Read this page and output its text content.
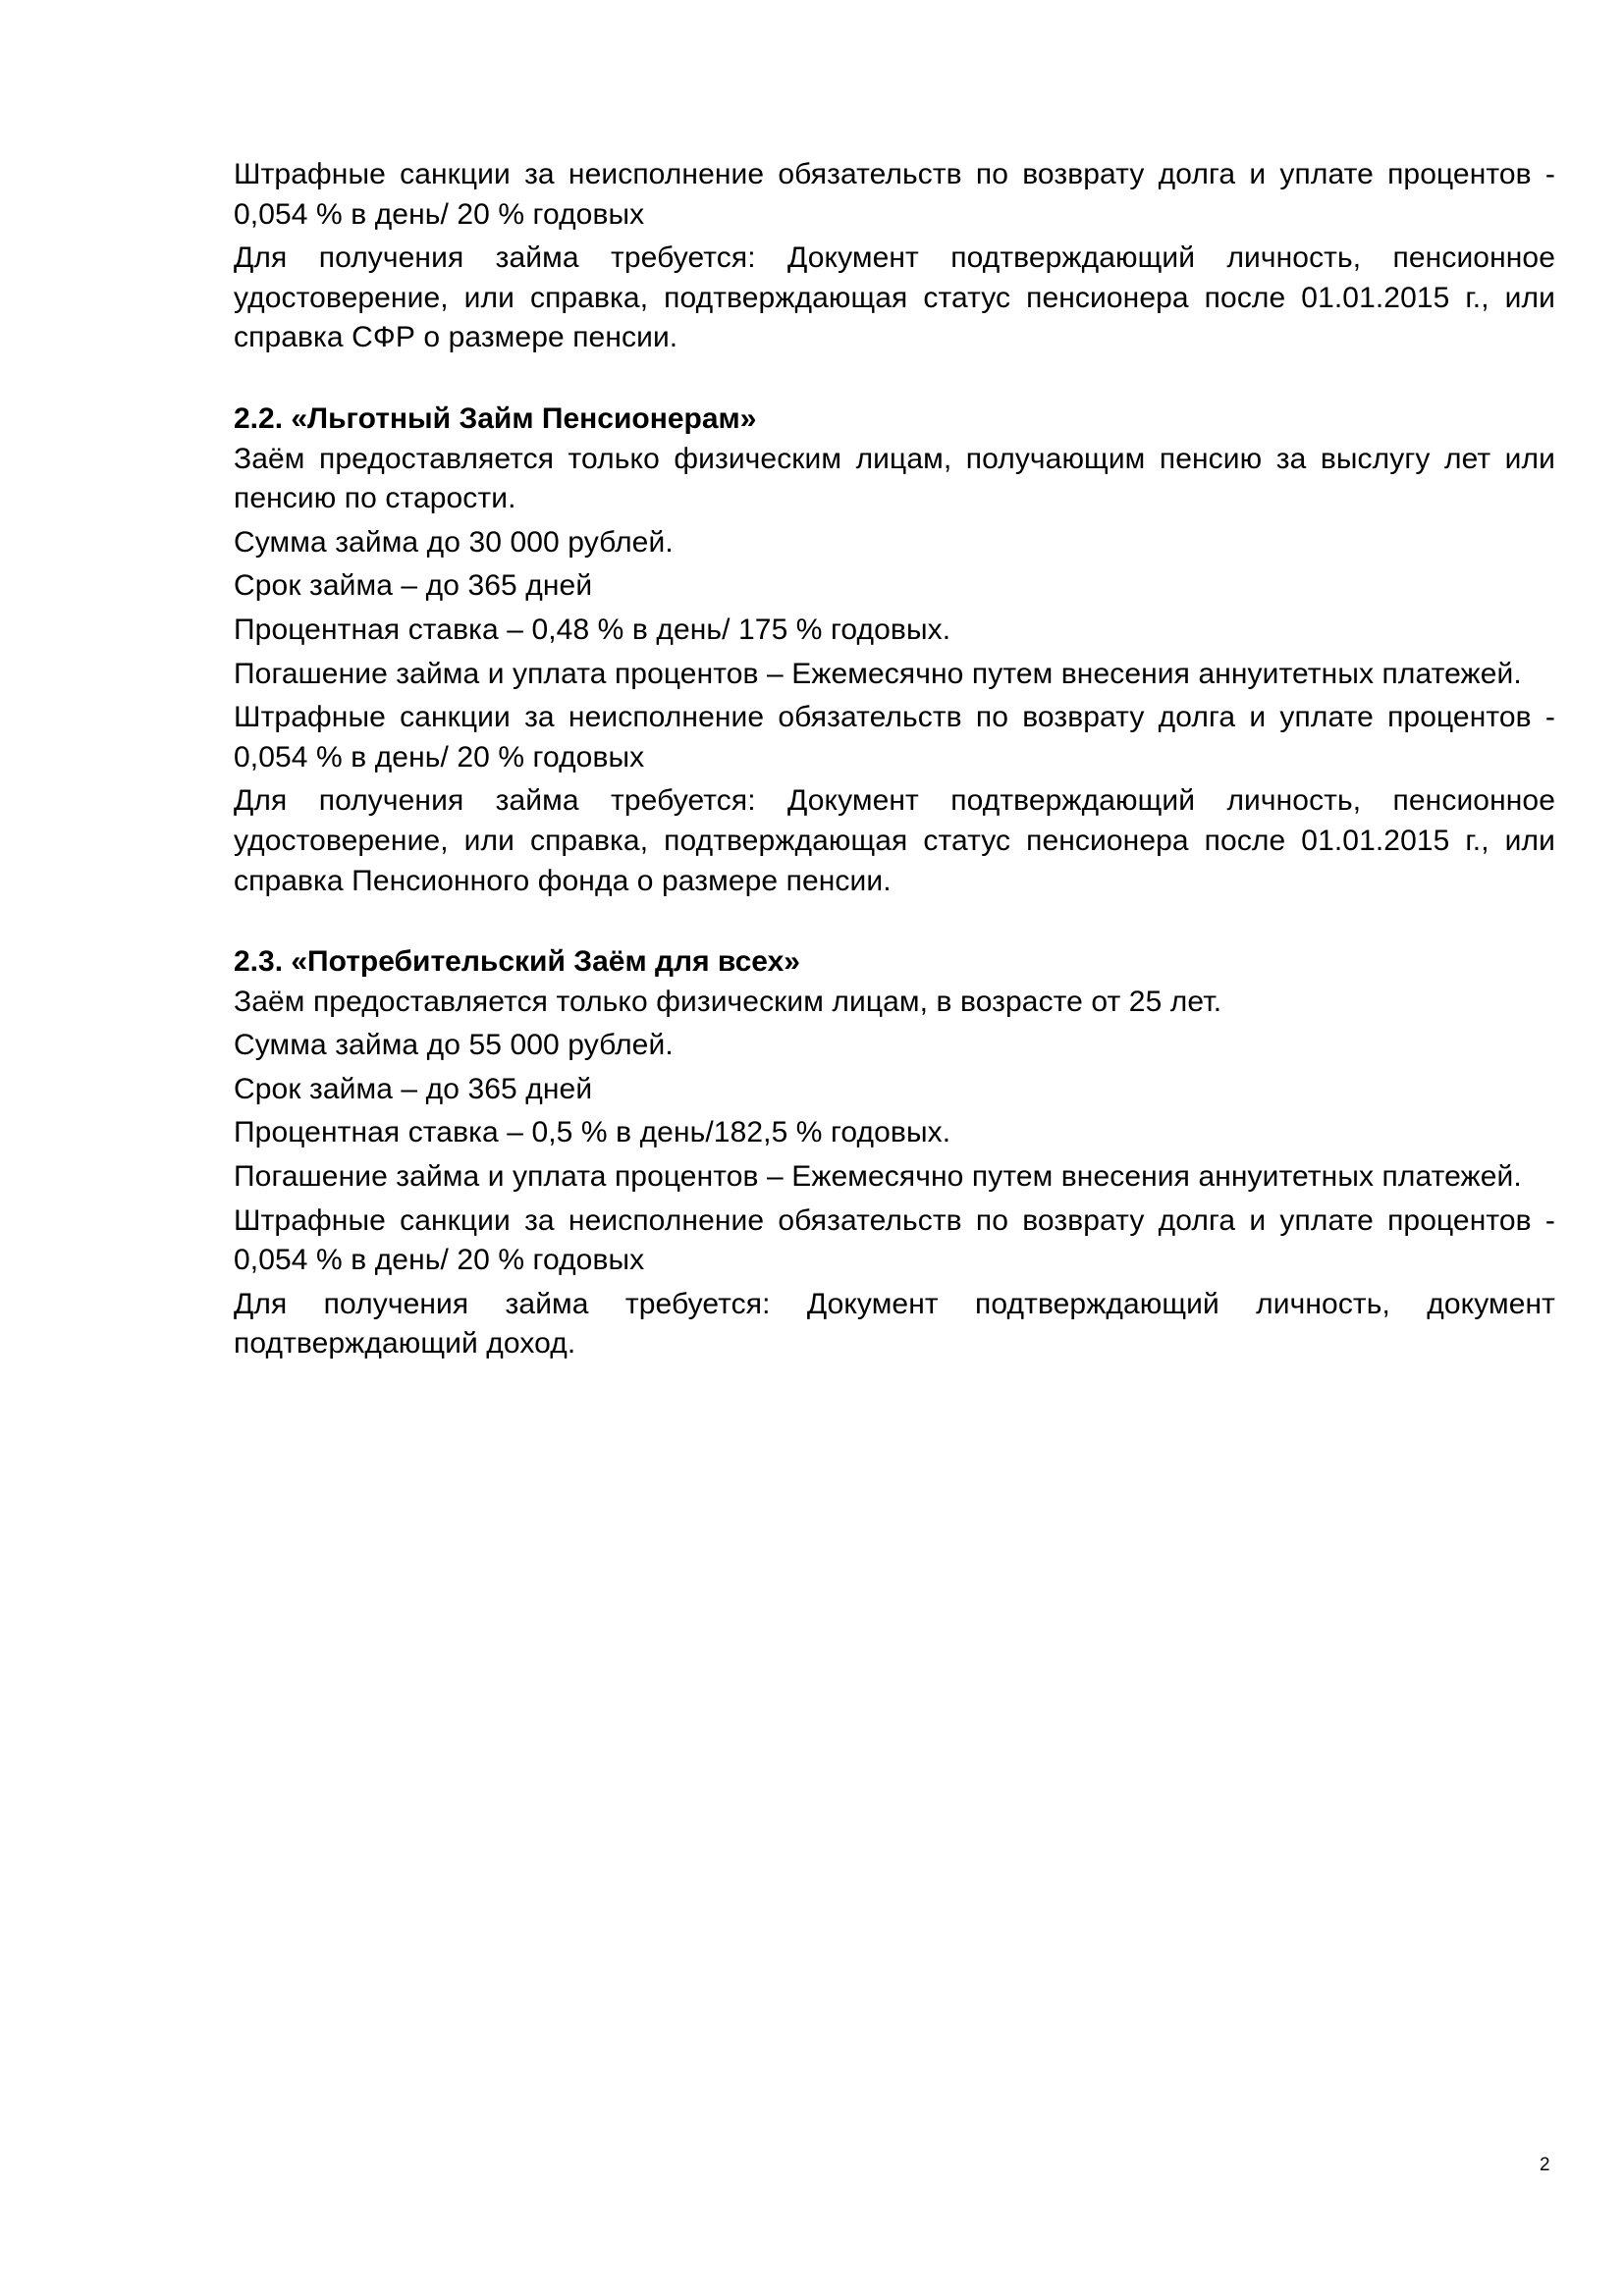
Штрафные санкции за неисполнение обязательств по возврату долга и уплате процентов - 0,054 % в день/ 20 % годовых

Для получения займа требуется: Документ подтверждающий личность, пенсионное удостоверение, или справка, подтверждающая статус пенсионера после 01.01.2015 г., или справка СФР о размере пенсии.

2.2. «Льготный Займ Пенсионерам»

Заём предоставляется только физическим лицам, получающим пенсию за выслугу лет или пенсию по старости.

Сумма займа до 30 000 рублей.

Срок займа – до 365 дней

Процентная ставка – 0,48 % в день/ 175 % годовых.

Погашение займа и уплата процентов – Ежемесячно путем внесения аннуитетных платежей.

Штрафные санкции за неисполнение обязательств по возврату долга и уплате процентов - 0,054 % в день/ 20 % годовых

Для получения займа требуется: Документ подтверждающий личность, пенсионное удостоверение, или справка, подтверждающая статус пенсионера после 01.01.2015 г., или справка Пенсионного фонда о размере пенсии.

2.3. «Потребительский Заём для всех»

Заём предоставляется только физическим лицам, в возрасте от 25 лет.

Сумма займа до 55 000 рублей.

Срок займа – до 365 дней

Процентная ставка – 0,5 % в день/182,5 % годовых.

Погашение займа и уплата процентов – Ежемесячно путем внесения аннуитетных платежей.

Штрафные санкции за неисполнение обязательств по возврату долга и уплате процентов - 0,054 % в день/ 20 % годовых

Для получения займа требуется: Документ подтверждающий личность, документ подтверждающий доход.

2
